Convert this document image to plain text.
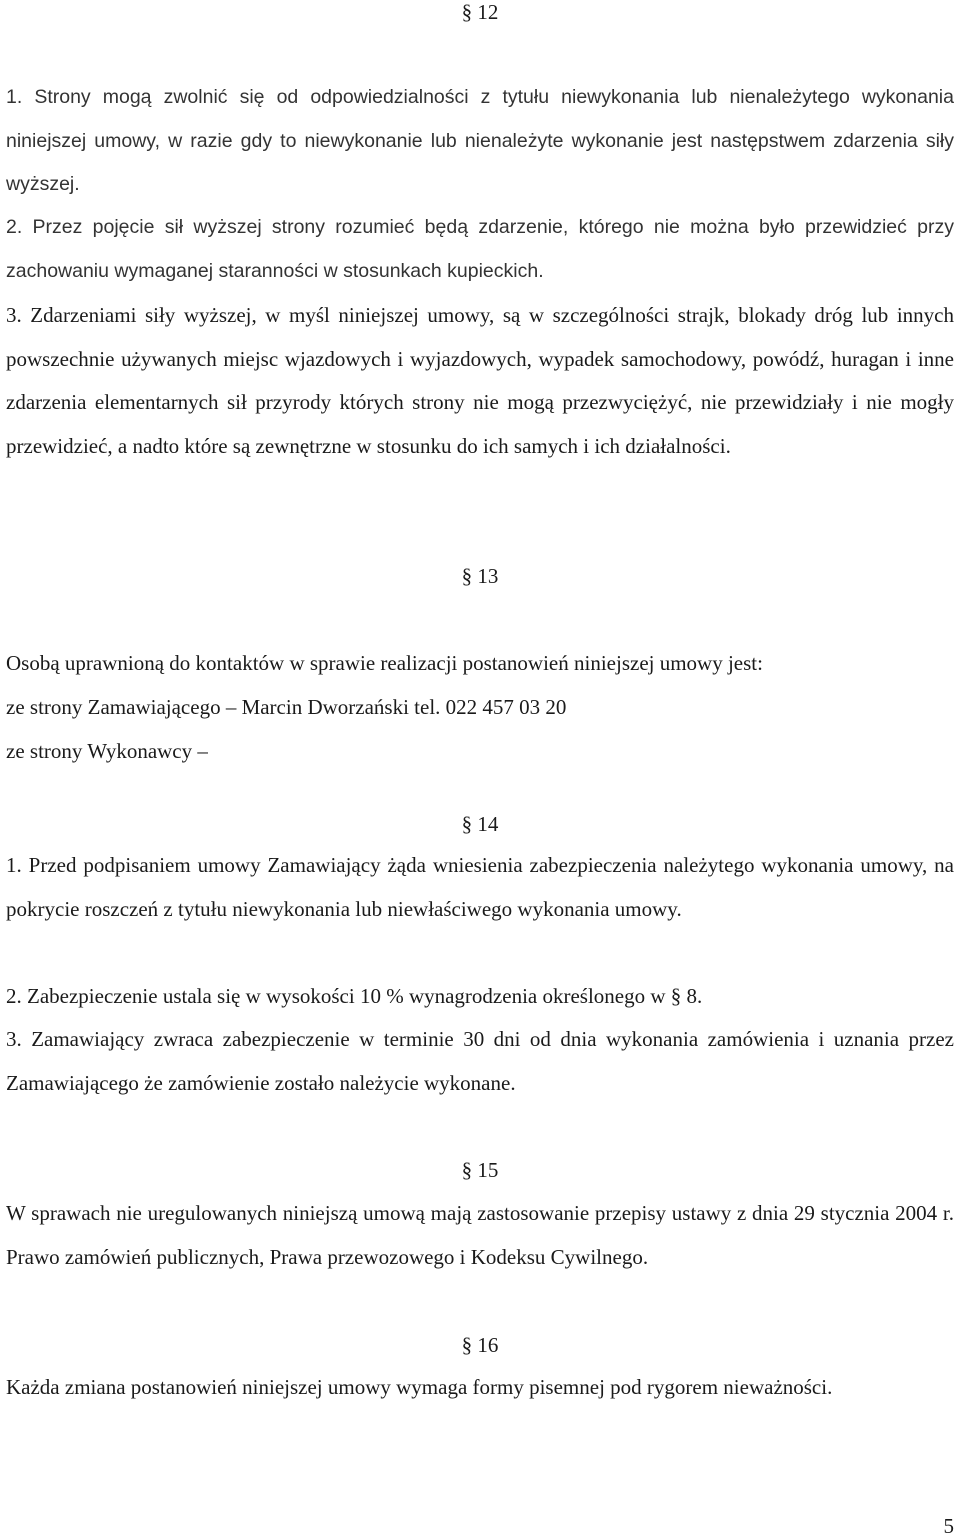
§ 12
1. Strony mogą zwolnić się od odpowiedzialności z tytułu niewykonania lub nienależytego wykonania niniejszej umowy, w razie gdy to niewykonanie lub nienależyte wykonanie jest następstwem zdarzenia siły wyższej.
2. Przez pojęcie sił wyższej strony rozumieć będą zdarzenie, którego nie można było przewidzieć przy zachowaniu wymaganej staranności w stosunkach kupieckich.
3. Zdarzeniami siły wyższej, w myśl niniejszej umowy, są w szczególności strajk, blokady dróg lub innych powszechnie używanych miejsc wjazdowych i wyjazdowych, wypadek samochodowy, powódź, huragan i inne zdarzenia elementarnych sił przyrody których strony nie mogą przezwyciężyć, nie przewidziały i nie mogły przewidzieć, a nadto które są zewnętrzne w stosunku do ich samych i ich działalności.
§ 13
Osobą uprawnioną do kontaktów w sprawie realizacji postanowień niniejszej umowy jest:
ze strony Zamawiającego – Marcin Dworzański tel. 022 457 03 20
ze strony Wykonawcy –
§ 14
1. Przed podpisaniem umowy Zamawiający żąda wniesienia zabezpieczenia należytego wykonania umowy, na pokrycie roszczeń z tytułu niewykonania lub niewłaściwego wykonania umowy.
2. Zabezpieczenie ustala się w wysokości 10 % wynagrodzenia określonego w § 8.
3. Zamawiający zwraca zabezpieczenie w terminie 30 dni od dnia wykonania zamówienia i uznania przez Zamawiającego że zamówienie zostało należycie wykonane.
§ 15
W sprawach nie uregulowanych niniejszą umową mają zastosowanie przepisy ustawy z dnia 29 stycznia 2004 r. Prawo zamówień publicznych, Prawa przewozowego i Kodeksu Cywilnego.
§ 16
Każda zmiana postanowień niniejszej umowy wymaga formy pisemnej pod rygorem nieważności.
5
